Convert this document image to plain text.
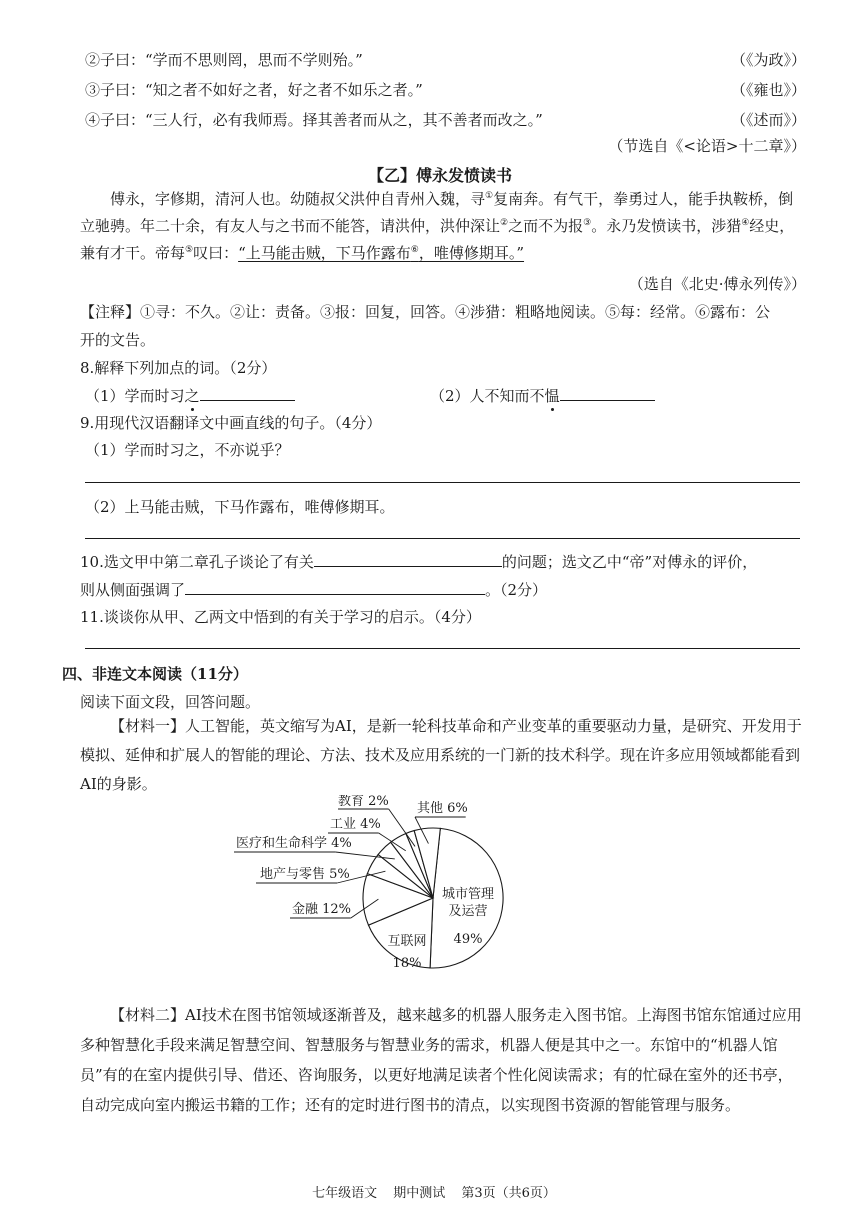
②子曰：“学而不思则罔，思而不学则殆。”	（《为政》）
③子曰：“知之者不如好之者，好之者不如乐之者。”	（《雍也》）
④子曰：“三人行，必有我师焉。择其善者而从之，其不善者而改之。”	（《述而》）
（节选自《<论语>十二章》）
【乙】傅永发愤读书
傅永，字修期，清河人也。幼随叔父洪仲自青州入魏，寻①复南奔。有气干，拳勇过人，能手执鞍桥，倒立驰骋。年二十余，有友人与之书而不能答，请洪仲，洪仲深让②之而不为报③。永乃发愤读书，涉猎④经史，兼有才干。帝每⑤叹曰：“上马能击贼，下马作露布⑥，唯傅修期耳。”
（选自《北史·傅永列传》）
【注释】①寻：不久。②让：责备。③报：回复，回答。④涉猎：粗略地阅读。⑤每：经常。⑥露布：公
开的文告。
8.解释下列加点的词。（2分）
（1）学而时习之	（2）人不知而不愠
9.用现代汉语翻译文中画直线的句子。（4分）
（1）学而时习之，不亦说乎？
（2）上马能击贼，下马作露布，唯傅修期耳。
10.选文甲中第二章孔子谈论了有关	的问题；选文乙中“帝”对傅永的评价，
则从侧面强调了	。（2分）
11.谈谈你从甲、乙两文中悟到的有关于学习的启示。（4分）
四、非连文本阅读（11分）
阅读下面文段，回答问题。
【材料一】人工智能，英文缩写为AI，是新一轮科技革命和产业变革的重要驱动力量，是研究、开发用于模拟、延伸和扩展人的智能的理论、方法、技术及应用系统的一门新的技术科学。现在许多应用领域都能看到AI的身影。
城市管理
及运营
49%
互联网
18%
金融 12%
地产与零售 5%
医疗和生命科学 4%
工业 4%
教育 2% 其他 6%
【材料二】AI技术在图书馆领域逐渐普及，越来越多的机器人服务走入图书馆。上海图书馆东馆通过应用多种智慧化手段来满足智慧空间、智慧服务与智慧业务的需求，机器人便是其中之一。东馆中的“机器人馆员”有的在室内提供引导、借还、咨询服务，以更好地满足读者个性化阅读需求；有的忙碌在室外的还书亭，自动完成向室内搬运书籍的工作；还有的定时进行图书的清点，以实现图书资源的智能管理与服务。
七年级语文 期中测试 第3页（共6页）
